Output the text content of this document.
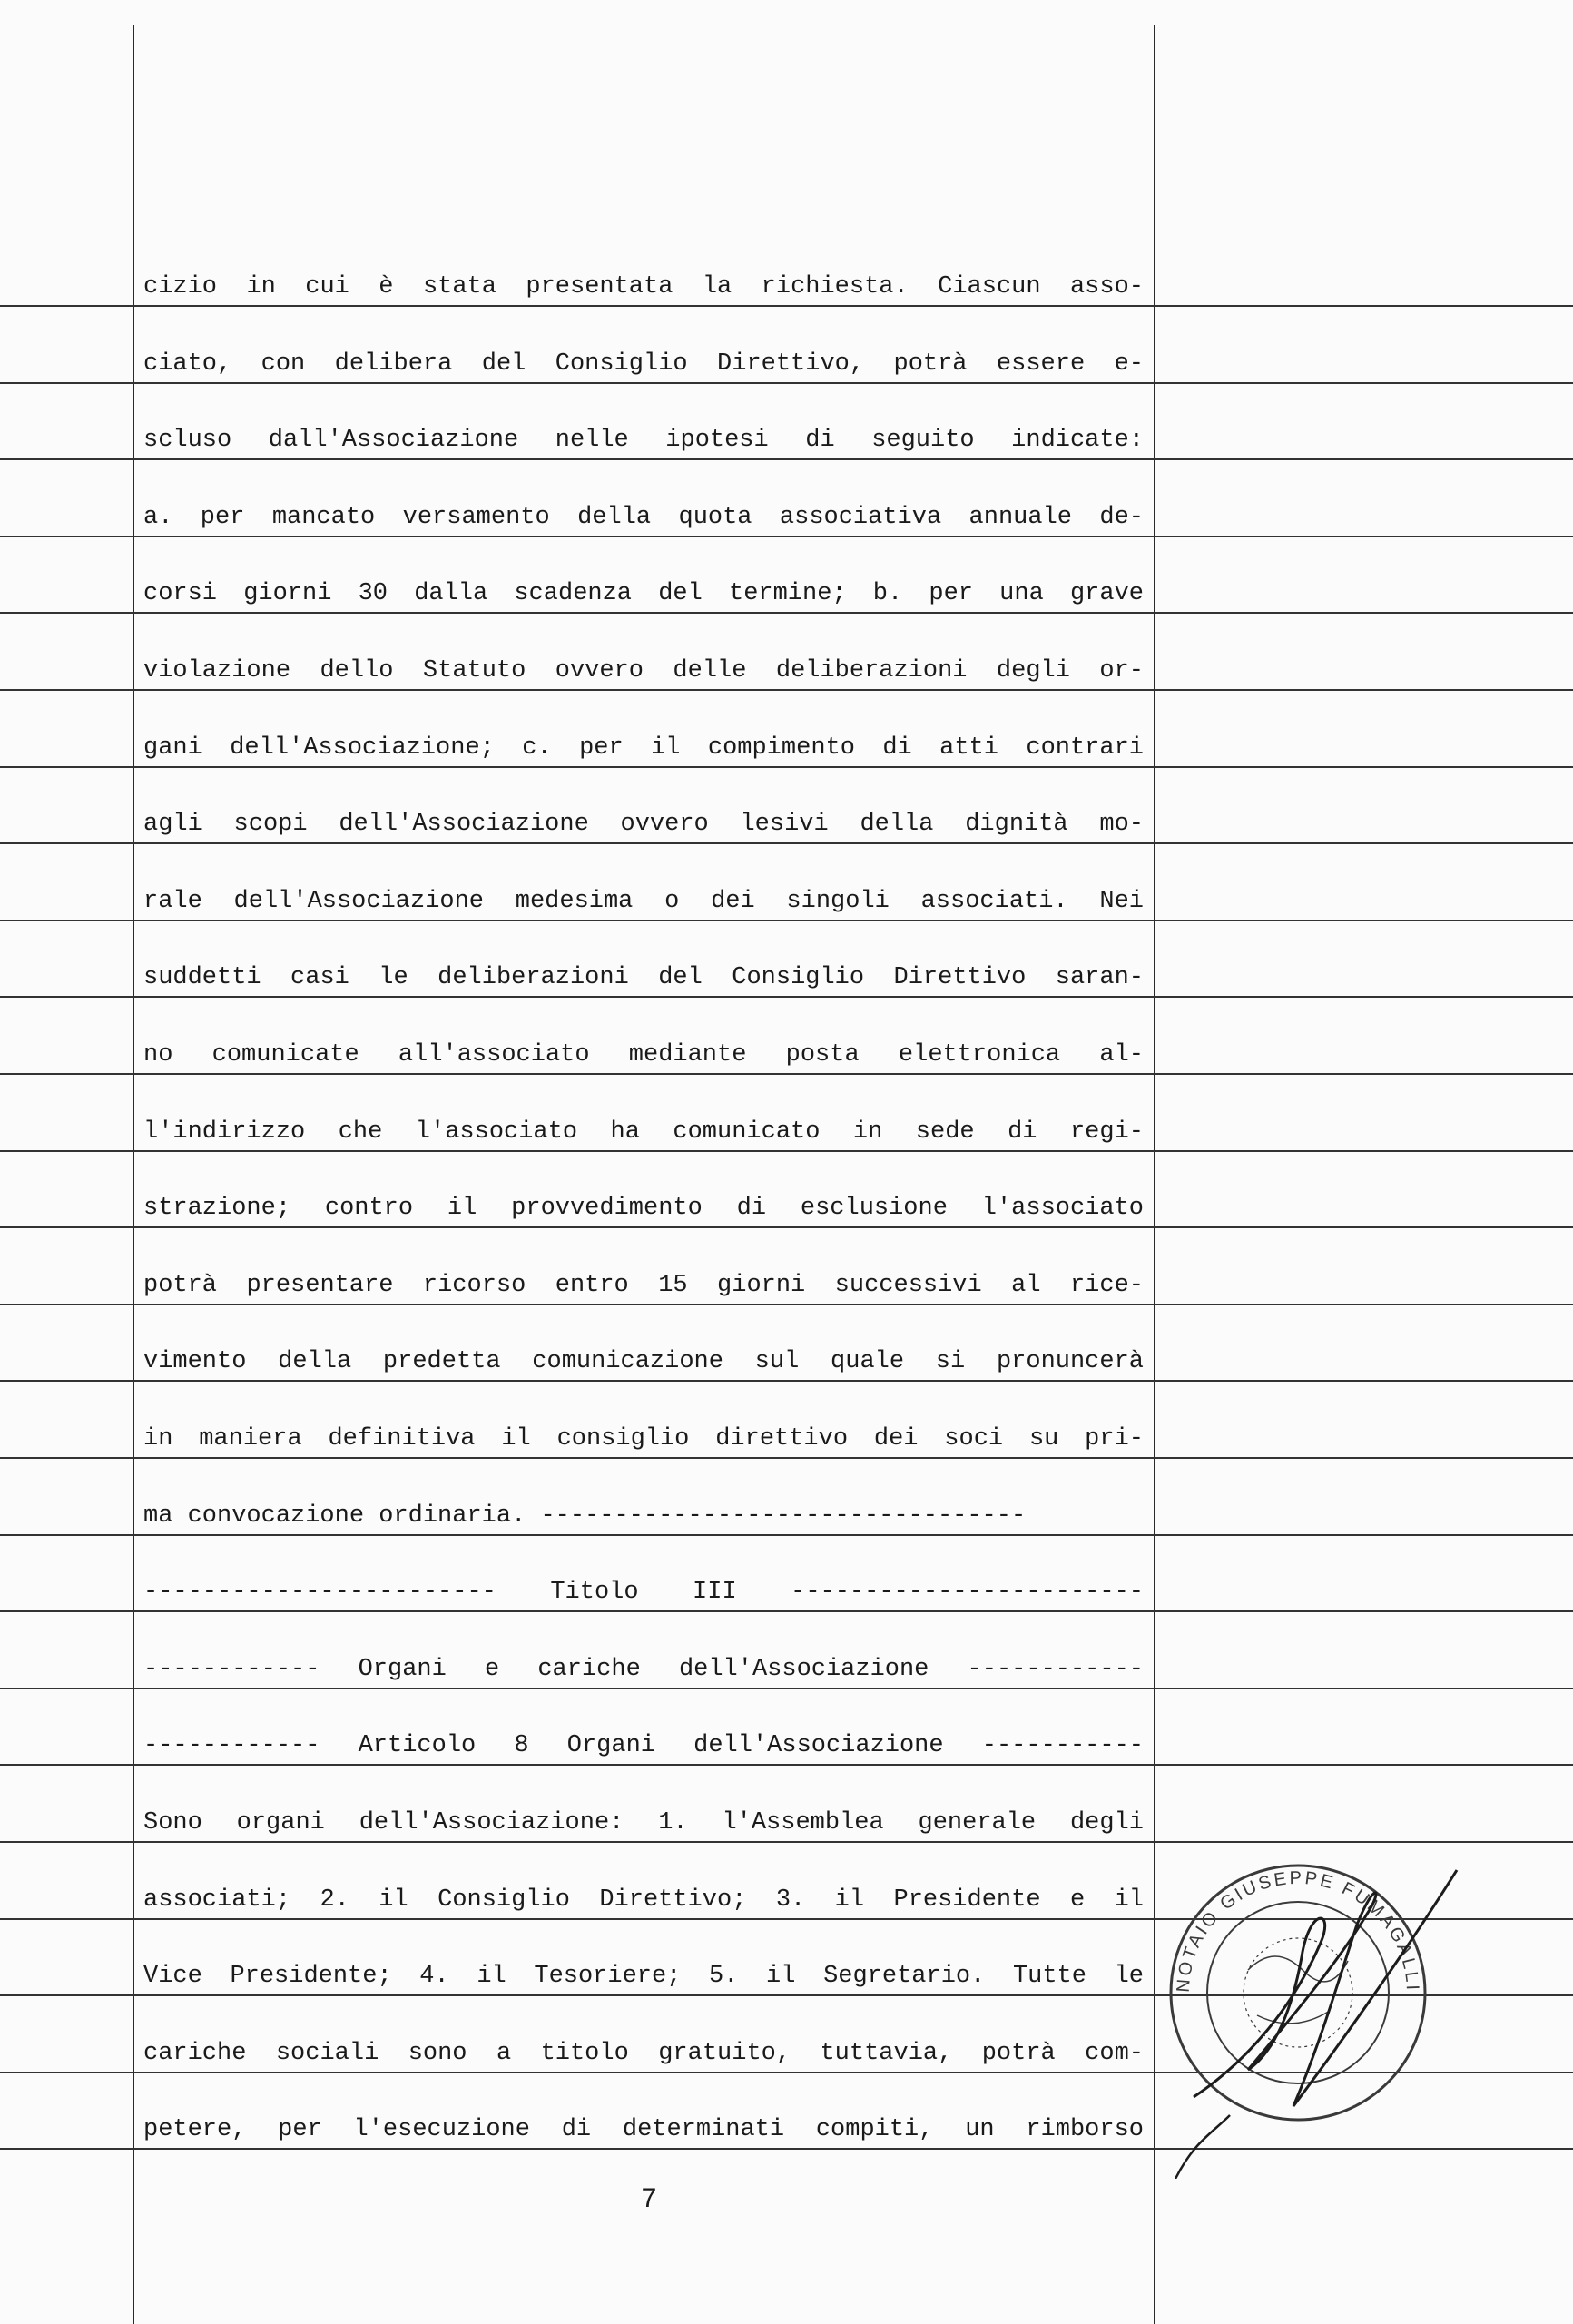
cizio in cui è stata presentata la richiesta. Ciascun asso-
ciato, con delibera del Consiglio Direttivo, potrà essere e-
scluso dall'Associazione nelle ipotesi di seguito indicate:
a. per mancato versamento della quota associativa annuale de-
corsi giorni 30 dalla scadenza del termine; b. per una grave
violazione dello Statuto ovvero delle deliberazioni degli or-
gani dell'Associazione; c. per il compimento di atti contrari
agli scopi dell'Associazione ovvero lesivi della dignità mo-
rale dell'Associazione medesima o dei singoli associati. Nei
suddetti casi le deliberazioni del Consiglio Direttivo saran-
no comunicate all'associato mediante posta elettronica al-
l'indirizzo che l'associato ha comunicato in sede di regi-
strazione; contro il provvedimento di esclusione l'associato
potrà presentare ricorso entro 15 giorni successivi al rice-
vimento della predetta comunicazione sul quale si pronuncerà
in maniera definitiva il consiglio direttivo dei soci su pri-
ma convocazione ordinaria. ---------------------------------
------------------------ Titolo III ------------------------
------------ Organi e cariche dell'Associazione ------------
------------ Articolo 8 Organi dell'Associazione -----------
Sono organi dell'Associazione: 1. l'Assemblea generale degli
associati; 2. il Consiglio Direttivo; 3. il Presidente e il
Vice Presidente; 4. il Tesoriere; 5. il Segretario. Tutte le
cariche sociali sono a titolo gratuito, tuttavia, potrà com-
petere, per l'esecuzione di determinati compiti, un rimborso
7
NOTAIO GIUSEPPE FUMAGALLI
